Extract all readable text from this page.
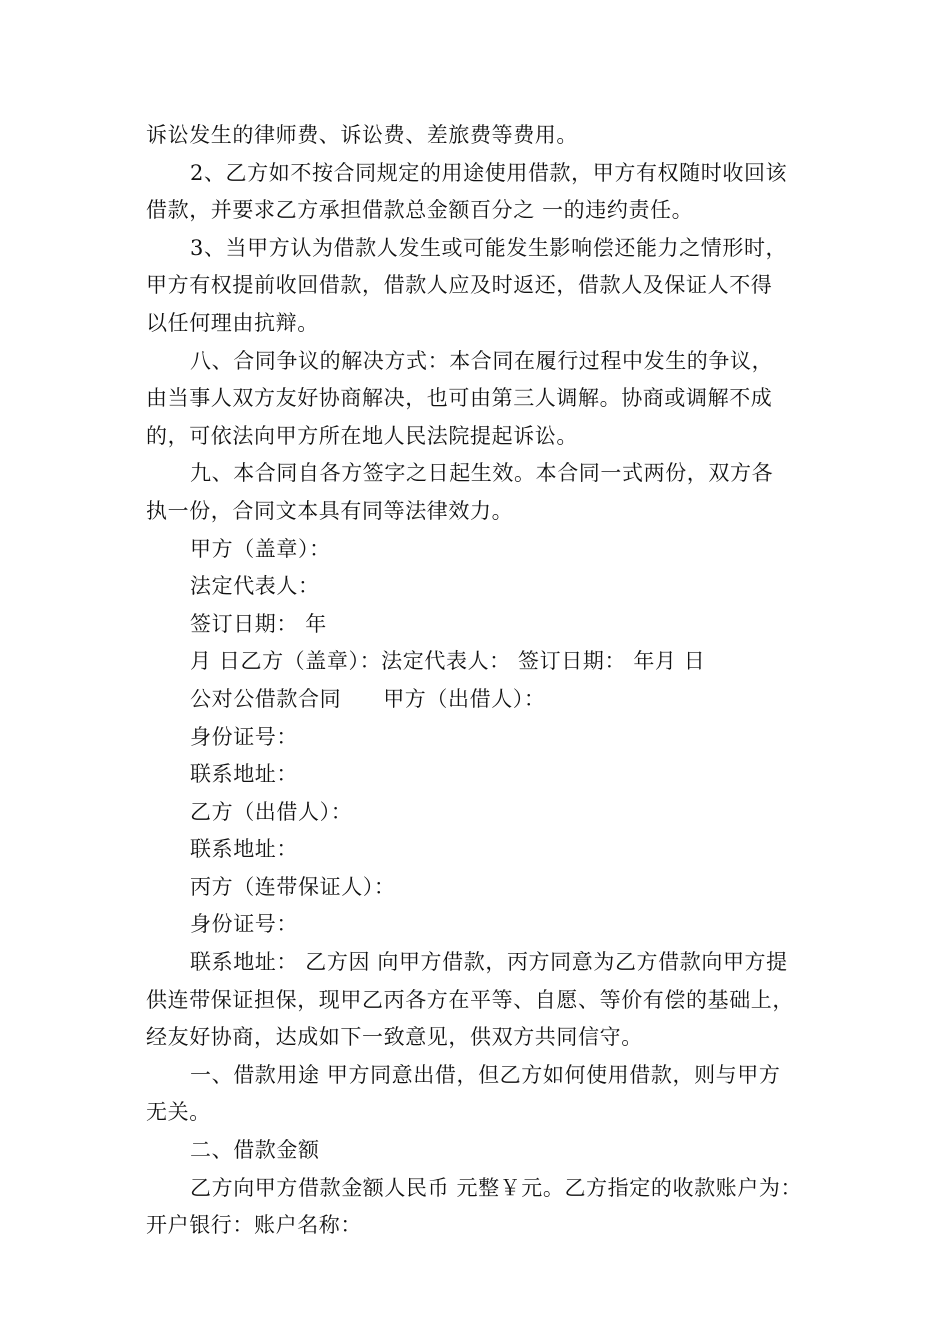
诉讼发生的律师费、诉讼费、差旅费等费用。
2、乙方如不按合同规定的用途使用借款，甲方有权随时收回该
借款，并要求乙方承担借款总金额百分之 一的违约责任。
3、当甲方认为借款人发生或可能发生影响偿还能力之情形时，
甲方有权提前收回借款，借款人应及时返还，借款人及保证人不得
以任何理由抗辩。
八、合同争议的解决方式：本合同在履行过程中发生的争议，
由当事人双方友好协商解决，也可由第三人调解。协商或调解不成
的，可依法向甲方所在地人民法院提起诉讼。
九、本合同自各方签字之日起生效。本合同一式两份，双方各
执一份，合同文本具有同等法律效力。
甲方（盖章）：
法定代表人：
签订日期： 年
月 日乙方（盖章）：法定代表人： 签订日期： 年月 日
公对公借款合同 甲方（出借人）：
身份证号：
联系地址：
乙方（出借人）：
联系地址：
丙方（连带保证人）：
身份证号：
联系地址： 乙方因 向甲方借款，丙方同意为乙方借款向甲方提
供连带保证担保，现甲乙丙各方在平等、自愿、等价有偿的基础上，
经友好协商，达成如下一致意见，供双方共同信守。
一、借款用途 甲方同意出借，但乙方如何使用借款，则与甲方
无关。
二、借款金额
乙方向甲方借款金额人民币 元整￥元。乙方指定的收款账户为：
开户银行：账户名称：
